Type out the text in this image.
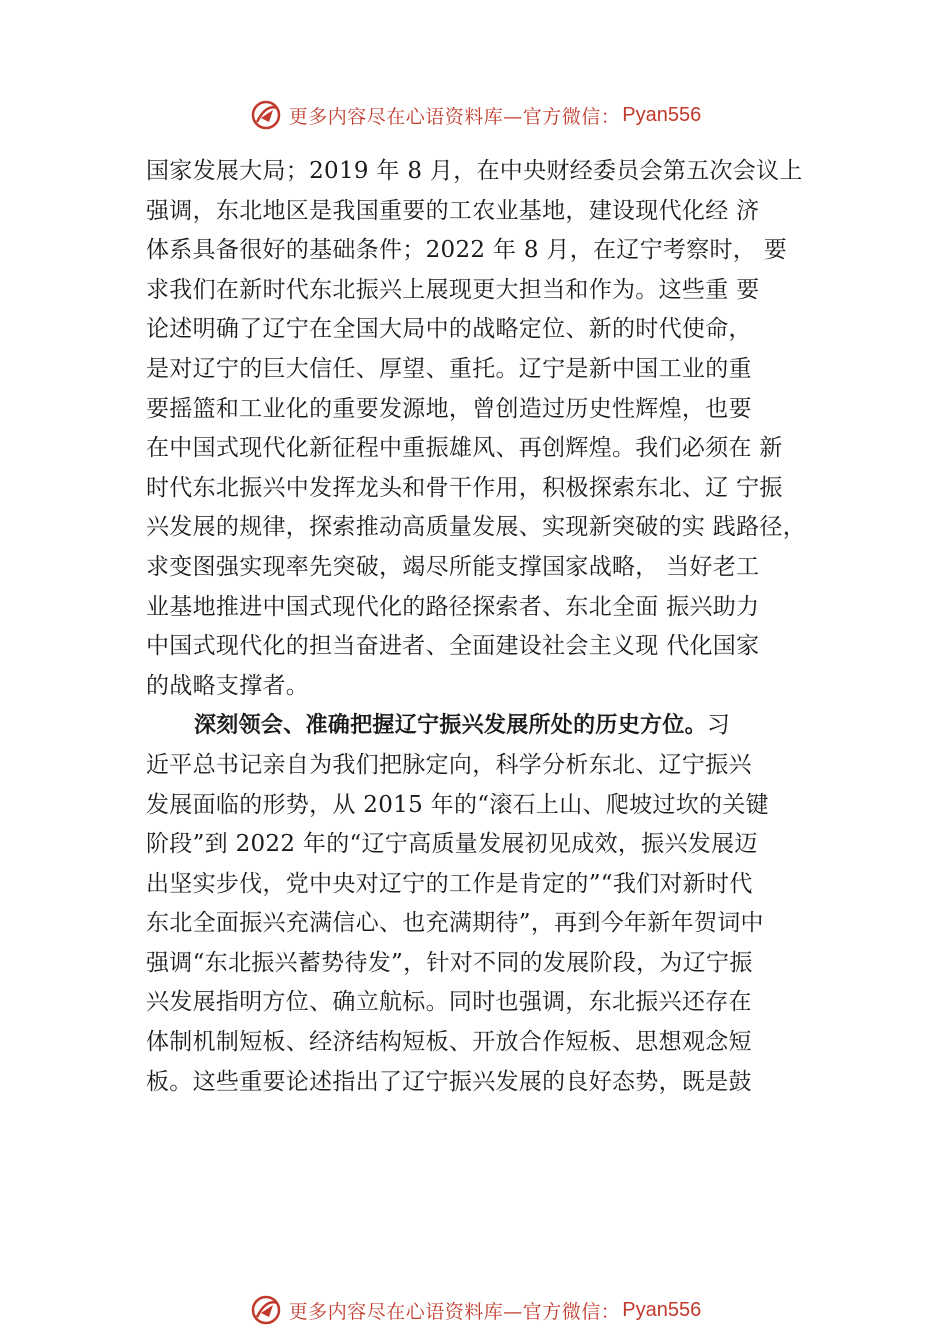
更多内容尽在心语资料库—官方微信： Pyan556
国家发展大局；2019 年 8 月，在中央财经委员会第五次会议上
强调，东北地区是我国重要的工农业基地，建设现代化经 济
体系具备很好的基础条件；2022 年 8 月，在辽宁考察时， 要
求我们在新时代东北振兴上展现更大担当和作为。这些重 要
论述明确了辽宁在全国大局中的战略定位、新的时代使命，
是对辽宁的巨大信任、厚望、重托。辽宁是新中国工业的重
要摇篮和工业化的重要发源地，曾创造过历史性辉煌，也要
在中国式现代化新征程中重振雄风、再创辉煌。我们必须在 新
时代东北振兴中发挥龙头和骨干作用，积极探索东北、辽 宁振
兴发展的规律，探索推动高质量发展、实现新突破的实 践路径，
求变图强实现率先突破，竭尽所能支撑国家战略， 当好老工
业基地推进中国式现代化的路径探索者、东北全面 振兴助力
中国式现代化的担当奋进者、全面建设社会主义现 代化国家
的战略支撑者。
深刻领会、准确把握辽宁振兴发展所处的历史方位。习
近平总书记亲自为我们把脉定向，科学分析东北、辽宁振兴
发展面临的形势，从 2015 年的“滚石上山、爬坡过坎的关键
阶段”到 2022 年的“辽宁高质量发展初见成效，振兴发展迈
出坚实步伐，党中央对辽宁的工作是肯定的”“我们对新时代
东北全面振兴充满信心、也充满期待”，再到今年新年贺词中
强调“东北振兴蓄势待发”，针对不同的发展阶段，为辽宁振
兴发展指明方位、确立航标。同时也强调，东北振兴还存在
体制机制短板、经济结构短板、开放合作短板、思想观念短
板。这些重要论述指出了辽宁振兴发展的良好态势，既是鼓
更多内容尽在心语资料库—官方微信： Pyan556
